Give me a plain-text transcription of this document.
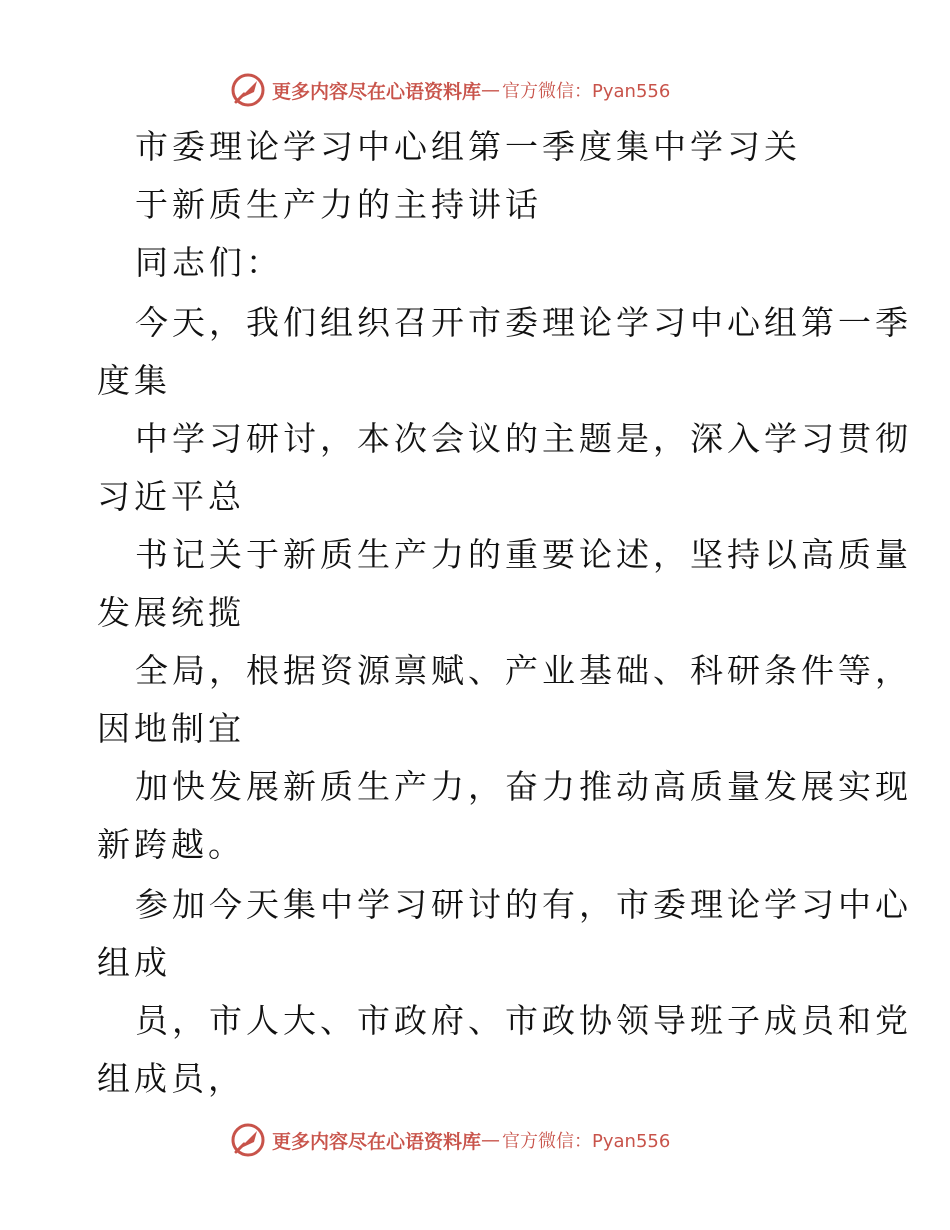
更多内容尽在心语资料库 — 官方微信：Pyan556
市委理论学习中心组第一季度集中学习关
于新质生产力的主持讲话
同志们：
今天，我们组织召开市委理论学习中心组第一季
度集
中学习研讨，本次会议的主题是，深入学习贯彻
习近平总
书记关于新质生产力的重要论述，坚持以高质量
发展统揽
全局，根据资源禀赋、产业基础、科研条件等，
因地制宜
加快发展新质生产力，奋力推动高质量发展实现
新跨越。
参加今天集中学习研讨的有，市委理论学习中心
组成
员，市人大、市政府、市政协领导班子成员和党
组成员，
更多内容尽在心语资料库 — 官方微信：Pyan556
